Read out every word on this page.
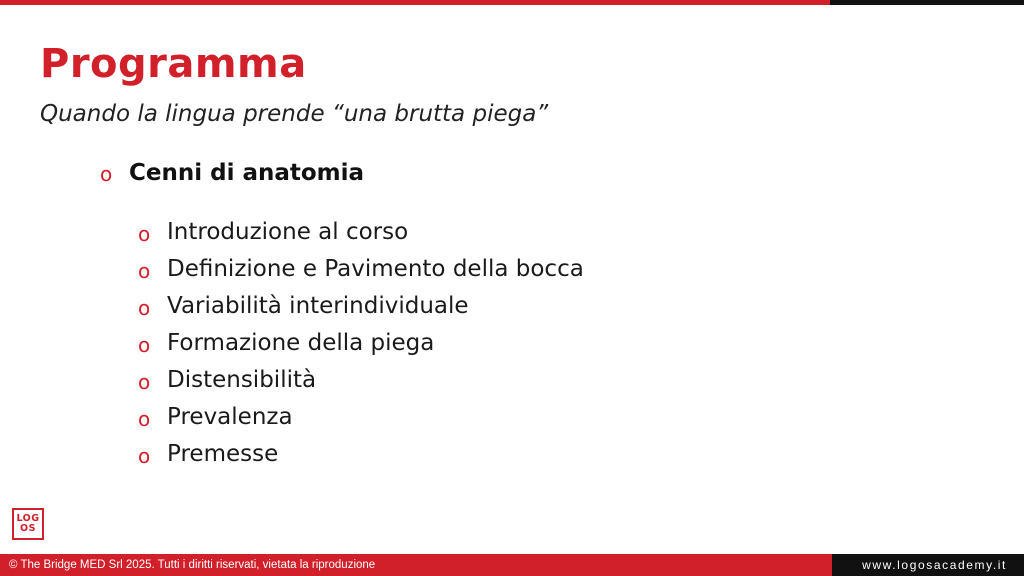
Programma

Quando la lingua prende “una brutta piega”

o Cenni di anatomia
o Introduzione al corso
o Definizione e Pavimento della bocca
o Variabilità interindividuale
o Formazione della piega
o Distensibilità
o Prevalenza
o Premesse
LOG
OS
© The Bridge MED Srl 2025. Tutti i diritti riservati, vietata la riproduzione	www.logosacademy.it
